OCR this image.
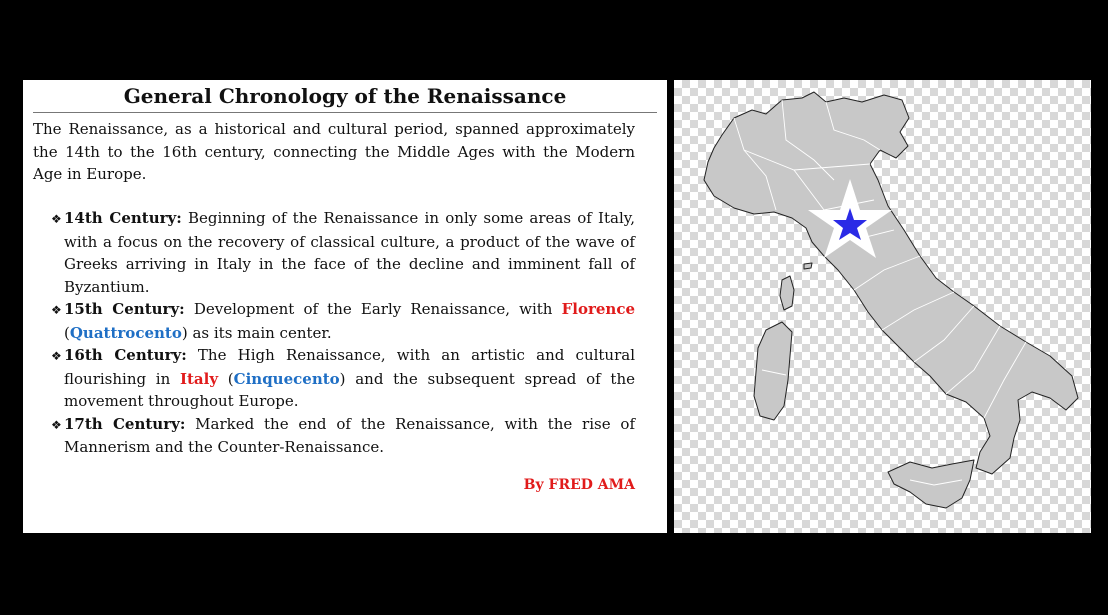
General Chronology of the Renaissance
The Renaissance, as a historical and cultural period, spanned approximately the 14th to the 16th century, connecting the Middle Ages with the Modern Age in Europe.
❖ 14th Century: Beginning of the Renaissance in only some areas of Italy, with a focus on the recovery of classical culture, a product of the wave of Greeks arriving in Italy in the face of the decline and imminent fall of Byzantium.
❖ 15th Century: Development of the Early Renaissance, with Florence (Quattrocento) as its main center.
❖ 16th Century: The High Renaissance, with an artistic and cultural flourishing in Italy (Cinquecento) and the subsequent spread of the movement throughout Europe.
❖ 17th Century: Marked the end of the Renaissance, with the rise of Mannerism and the Counter-Renaissance.
By FRED AMA
